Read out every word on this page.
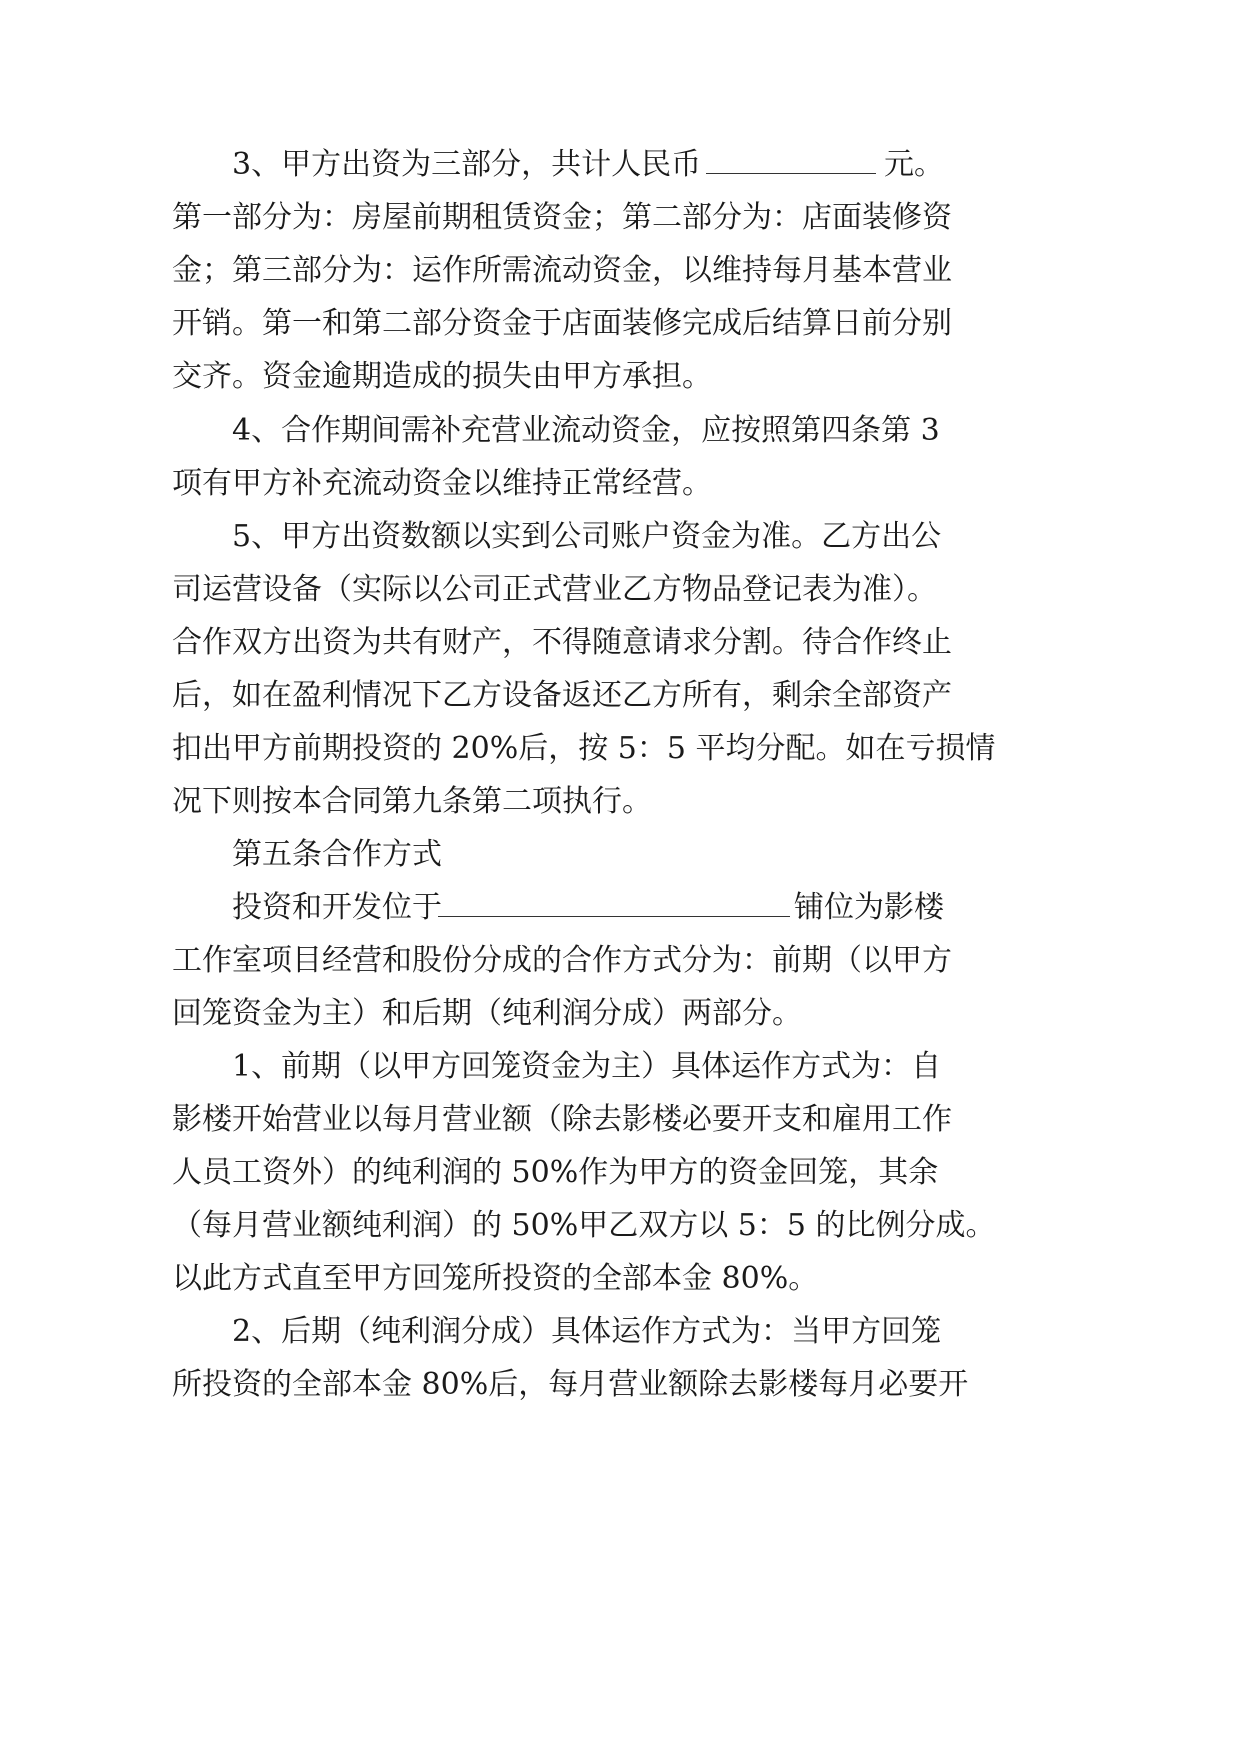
3、甲方出资为三部分，共计人民币	元。
第一部分为：房屋前期租赁资金；第二部分为：店面装修资
金；第三部分为：运作所需流动资金，以维持每月基本营业
开销。第一和第二部分资金于店面装修完成后结算日前分别
交齐。资金逾期造成的损失由甲方承担。
4、合作期间需补充营业流动资金，应按照第四条第 3
项有甲方补充流动资金以维持正常经营。
5、甲方出资数额以实到公司账户资金为准。乙方出公
司运营设备（实际以公司正式营业乙方物品登记表为准）。
合作双方出资为共有财产，不得随意请求分割。待合作终止
后，如在盈利情况下乙方设备返还乙方所有，剩余全部资产
扣出甲方前期投资的 20%后，按 5：5 平均分配。如在亏损情
况下则按本合同第九条第二项执行。
第五条合作方式
投资和开发位于	铺位为影楼
工作室项目经营和股份分成的合作方式分为：前期（以甲方
回笼资金为主）和后期（纯利润分成）两部分。
1、前期（以甲方回笼资金为主）具体运作方式为：自
影楼开始营业以每月营业额（除去影楼必要开支和雇用工作
人员工资外）的纯利润的 50%作为甲方的资金回笼，其余
（每月营业额纯利润）的 50%甲乙双方以 5：5 的比例分成。
以此方式直至甲方回笼所投资的全部本金 80%。
2、后期（纯利润分成）具体运作方式为：当甲方回笼
所投资的全部本金 80%后，每月营业额除去影楼每月必要开
